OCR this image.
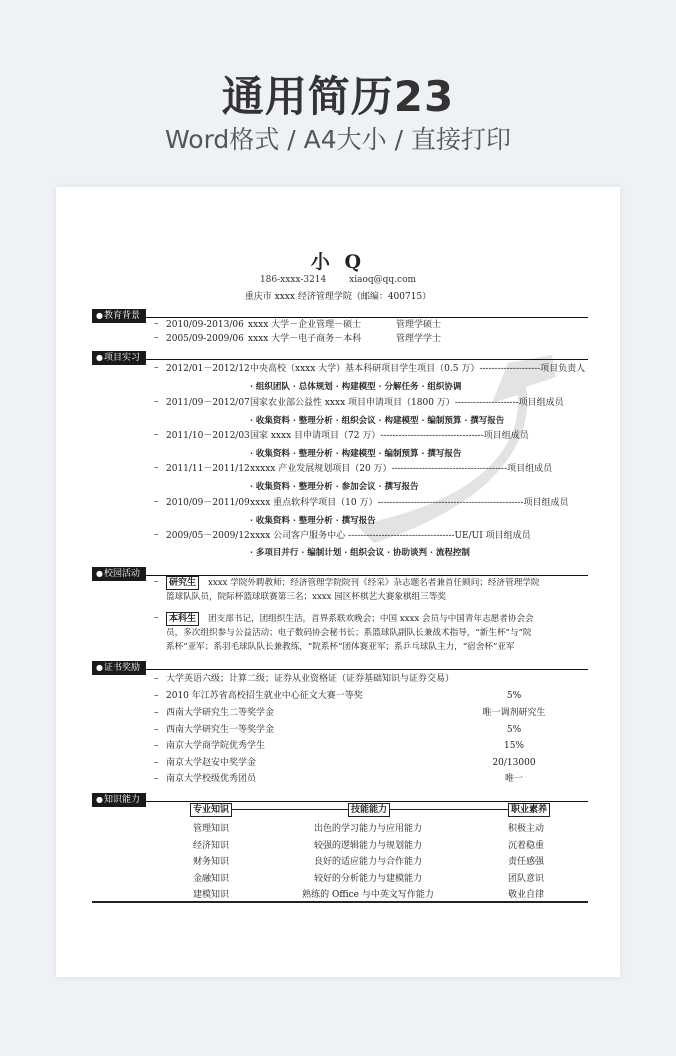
通用简历23
Word格式 / A4大小 / 直接打印
小 Q
186-xxxx-3214	xiaoq@qq.com
重庆市 xxxx 经济管理学院（邮编：400715）
●教育背景
– 2010/09-2013/06 xxxx 大学－企业管理－硕士	管理学硕士
– 2005/09-2009/06 xxxx 大学－电子商务－本科	管理学学士
●项目实习
– 2012/01－2012/12 中央高校（xxxx 大学）基本科研项目学生项目（0.5 万）--------------------项目负责人
· 组织团队 · 总体规划 · 构建模型 · 分解任务 · 组织协调
– 2011/09－2012/07 国家农业部公益性 xxxx 项目申请项目（1800 万）---------------------项目组成员
· 收集资料 · 整理分析 · 组织会议 · 构建模型 · 编制预算 · 撰写报告
– 2011/10－2012/03 国家 xxxx 目申请项目（72 万）----------------------------------项目组成员
· 收集资料 · 整理分析 · 构建模型 · 编制预算 · 撰写报告
– 2011/11－2011/12 xxxxx 产业发展规划项目（20 万）--------------------------------------项目组成员
· 收集资料 · 整理分析 · 参加会议 · 撰写报告
– 2010/09－2011/09 xxxx 重点软科学项目（10 万）------------------------------------------------项目组成员
· 收集资料 · 整理分析 · 撰写报告
– 2009/05－2009/12 xxxx 公司客户服务中心 -----------------------------------UE/UI 项目组成员
· 多项目并行 · 编制计划 · 组织会议 · 协助谈判 · 流程控制
●校园活动
–	研究生	xxxx 学院外聘教师；经济管理学院院刊《经采》杂志题名者兼首任顾问；经济管理学院
篮球队队员，院际杯篮球联赛第三名；xxxx 园区杯棋艺大赛象棋组三等奖
–	本科生	团支部书记，团组织生活，首界系联欢晚会；中国 xxxx 会员与中国青年志愿者协会会
员，多次组织参与公益活动；电子数码协会秘书长；系篮球队副队长兼战术指导，“新生杯”与“院
系杯”亚军；系羽毛球队队长兼教练，“院系杯”团体赛亚军；系乒乓球队主力，“宿舍杯”亚军
●证书奖励
– 大学英语六级；计算二级；证券从业资格证（证券基础知识与证券交易）
– 2010 年江苏省高校招生就业中心征文大赛一等奖	5%
– 西南大学研究生二等奖学金	唯一调剂研究生
– 西南大学研究生一等奖学金	5%
– 南京大学商学院优秀学生	15%
– 南京大学赵安中奖学金	20/13000
– 南京大学校级优秀团员	唯一
●知识能力
专业知识	技能能力	职业素养
管理知识	出色的学习能力与应用能力	积极主动
经济知识	较强的逻辑能力与规划能力	沉着稳重
财务知识	良好的适应能力与合作能力	责任感强
金融知识	较好的分析能力与建模能力	团队意识
建模知识	熟练的 Office 与中英文写作能力	敬业自律
